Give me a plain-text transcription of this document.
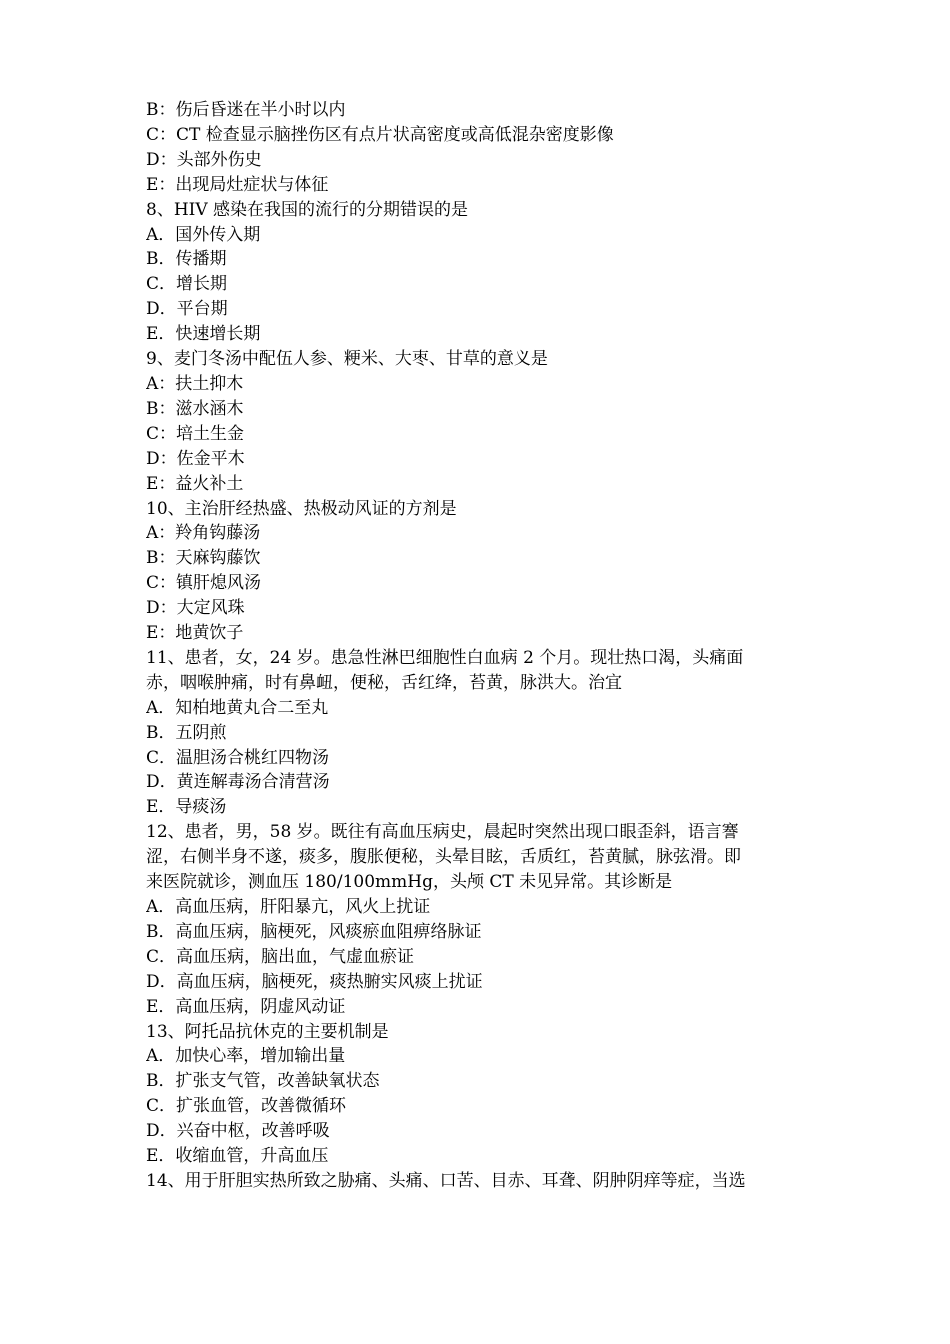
B：伤后昏迷在半小时以内
C：CT 检查显示脑挫伤区有点片状高密度或高低混杂密度影像
D：头部外伤史
E：出现局灶症状与体征
8、HIV 感染在我国的流行的分期错误的是
A．国外传入期
B．传播期
C．增长期
D．平台期
E．快速增长期
9、麦门冬汤中配伍人参、粳米、大枣、甘草的意义是
A：扶土抑木
B：滋水涵木
C：培土生金
D：佐金平木
E：益火补土
10、主治肝经热盛、热极动风证的方剂是
A：羚角钩藤汤
B：天麻钩藤饮
C：镇肝熄风汤
D：大定风珠
E：地黄饮子
11、患者，女，24 岁。患急性淋巴细胞性白血病 2 个月。现壮热口渴，头痛面
赤，咽喉肿痛，时有鼻衄，便秘，舌红绛，苔黄，脉洪大。治宜
A．知柏地黄丸合二至丸
B．五阴煎
C．温胆汤合桃红四物汤
D．黄连解毒汤合清营汤
E．导痰汤
12、患者，男，58 岁。既往有高血压病史，晨起时突然出现口眼歪斜，语言謇
涩，右侧半身不遂，痰多，腹胀便秘，头晕目眩，舌质红，苔黄腻，脉弦滑。即
来医院就诊，测血压 180/100mmHg，头颅 CT 未见异常。其诊断是
A．高血压病，肝阳暴亢，风火上扰证
B．高血压病，脑梗死，风痰瘀血阻痹络脉证
C．高血压病，脑出血，气虚血瘀证
D．高血压病，脑梗死，痰热腑实风痰上扰证
E．高血压病，阴虚风动证
13、阿托品抗休克的主要机制是
A．加快心率，增加输出量
B．扩张支气管，改善缺氧状态
C．扩张血管，改善微循环
D．兴奋中枢，改善呼吸
E．收缩血管，升高血压
14、用于肝胆实热所致之胁痛、头痛、口苦、目赤、耳聋、阴肿阴痒等症，当选
